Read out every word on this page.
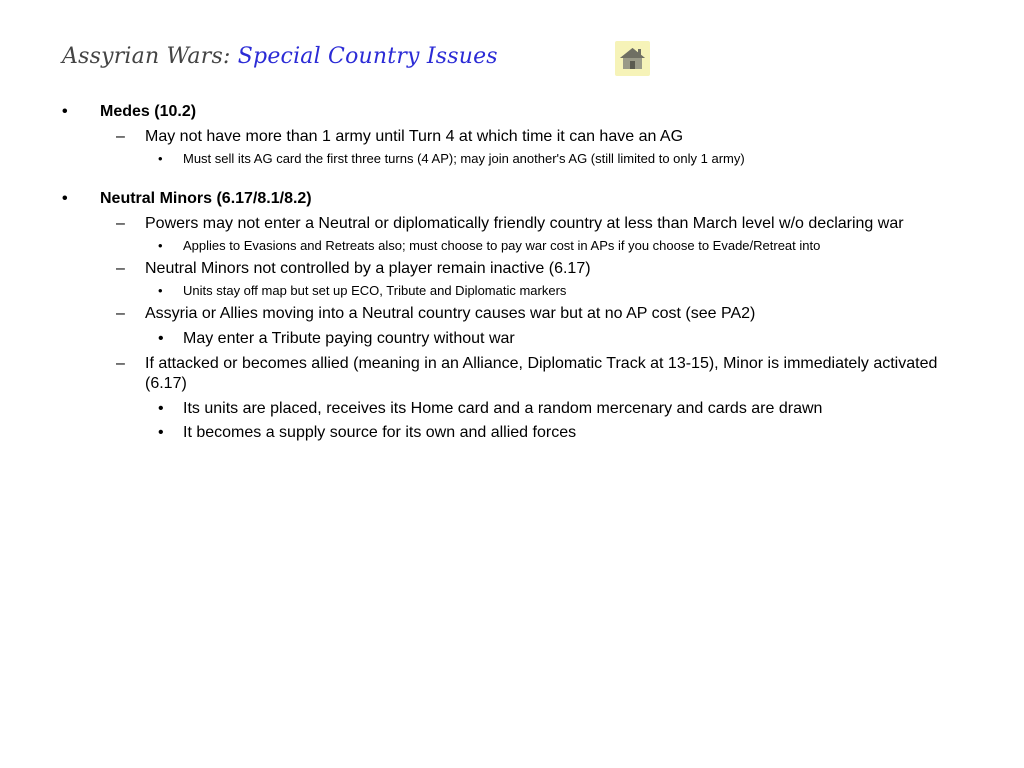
Assyrian Wars: Special Country Issues
• Medes (10.2)
– May not have more than 1 army until Turn 4 at which time it can have an AG
• Must sell its AG card the first three turns (4 AP); may join another's AG (still limited to only 1 army)
• Neutral Minors (6.17/8.1/8.2)
– Powers may not enter a Neutral or diplomatically friendly country at less than March level w/o declaring war
• Applies to Evasions and Retreats also; must choose to pay war cost in APs if you choose to Evade/Retreat into
– Neutral Minors not controlled by a player remain inactive (6.17)
• Units stay off map but set up ECO, Tribute and Diplomatic markers
– Assyria or Allies moving into a Neutral country causes war but at no AP cost (see PA2)
• May enter a Tribute paying country without war
– If attacked or becomes allied (meaning in an Alliance, Diplomatic Track at 13-15), Minor is immediately activated (6.17)
• Its units are placed, receives its Home card and a random mercenary and cards are drawn
• It becomes a supply source for its own and allied forces
